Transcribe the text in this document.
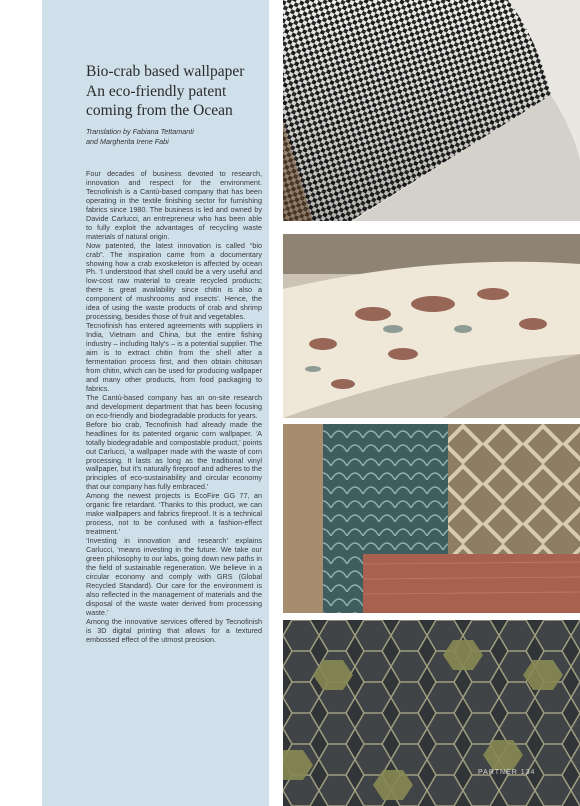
Bio-crab based wallpaper
An eco-friendly patent
coming from the Ocean

Translation by Fabiana Tettamanti
and Margherita Irene Fabi

Four decades of business devoted to research, innovation and respect for the environment. Tecnofinish is a Cantù-based company that has been operating in the textile finishing sector for furnishing fabrics since 1980. The business is led and owned by Davide Carlucci, an entrepreneur who has been able to fully exploit the advantages of recycling waste materials of natural origin.

Now patented, the latest innovation is called “bio crab”. The inspiration came from a documentary showing how a crab exoskeleton is affected by ocean Ph. ‘I understood that shell could be a very useful and low-cost raw material to create recycled products; there is great availability since chitin is also a component of mushrooms and insects’. Hence, the idea of using the waste products of crab and shrimp processing, besides those of fruit and vegetables.

Tecnofinish has entered agreements with suppliers in India, Vietnam and China, but the entire fishing industry – including Italy’s – is a potential supplier. The aim is to extract chitin from the shell after a fermentation process first, and then obtain chitosan from chitin, which can be used for producing wallpaper and many other products, from food packaging to fabrics.

The Cantù-based company has an on-site research and development department that has been focusing on eco-friendly and biodegradable products for years.

Before bio crab, Tecnofinish had already made the headlines for its patented organic corn wallpaper. ‘A totally biodegradable and compostable product,’ points out Carlucci, ‘a wallpaper made with the waste of corn processing. It lasts as long as the traditional vinyl wallpaper, but it’s naturally fireproof and adheres to the principles of eco-sustainability and circular economy that our company has fully embraced.’

Among the newest projects is EcoFire GG 77, an organic fire retardant. ‘Thanks to this product, we can make wallpapers and fabrics fireproof. It is a technical process, not to be confused with a fashion-effect treatment.’

‘Investing in innovation and research’ explains Carlucci, ‘means investing in the future. We take our green philosophy to our labs, going down new paths in the field of sustainable regeneration. We believe in a circular economy and comply with GRS (Global Recycled Standard). Our care for the environment is also reflected in the management of materials and the disposal of the waste water derived from processing waste.’

Among the innovative services offered by Tecnofinish is 3D digital printing that allows for a textured embossed effect of the utmost precision.

PARTNER 134
